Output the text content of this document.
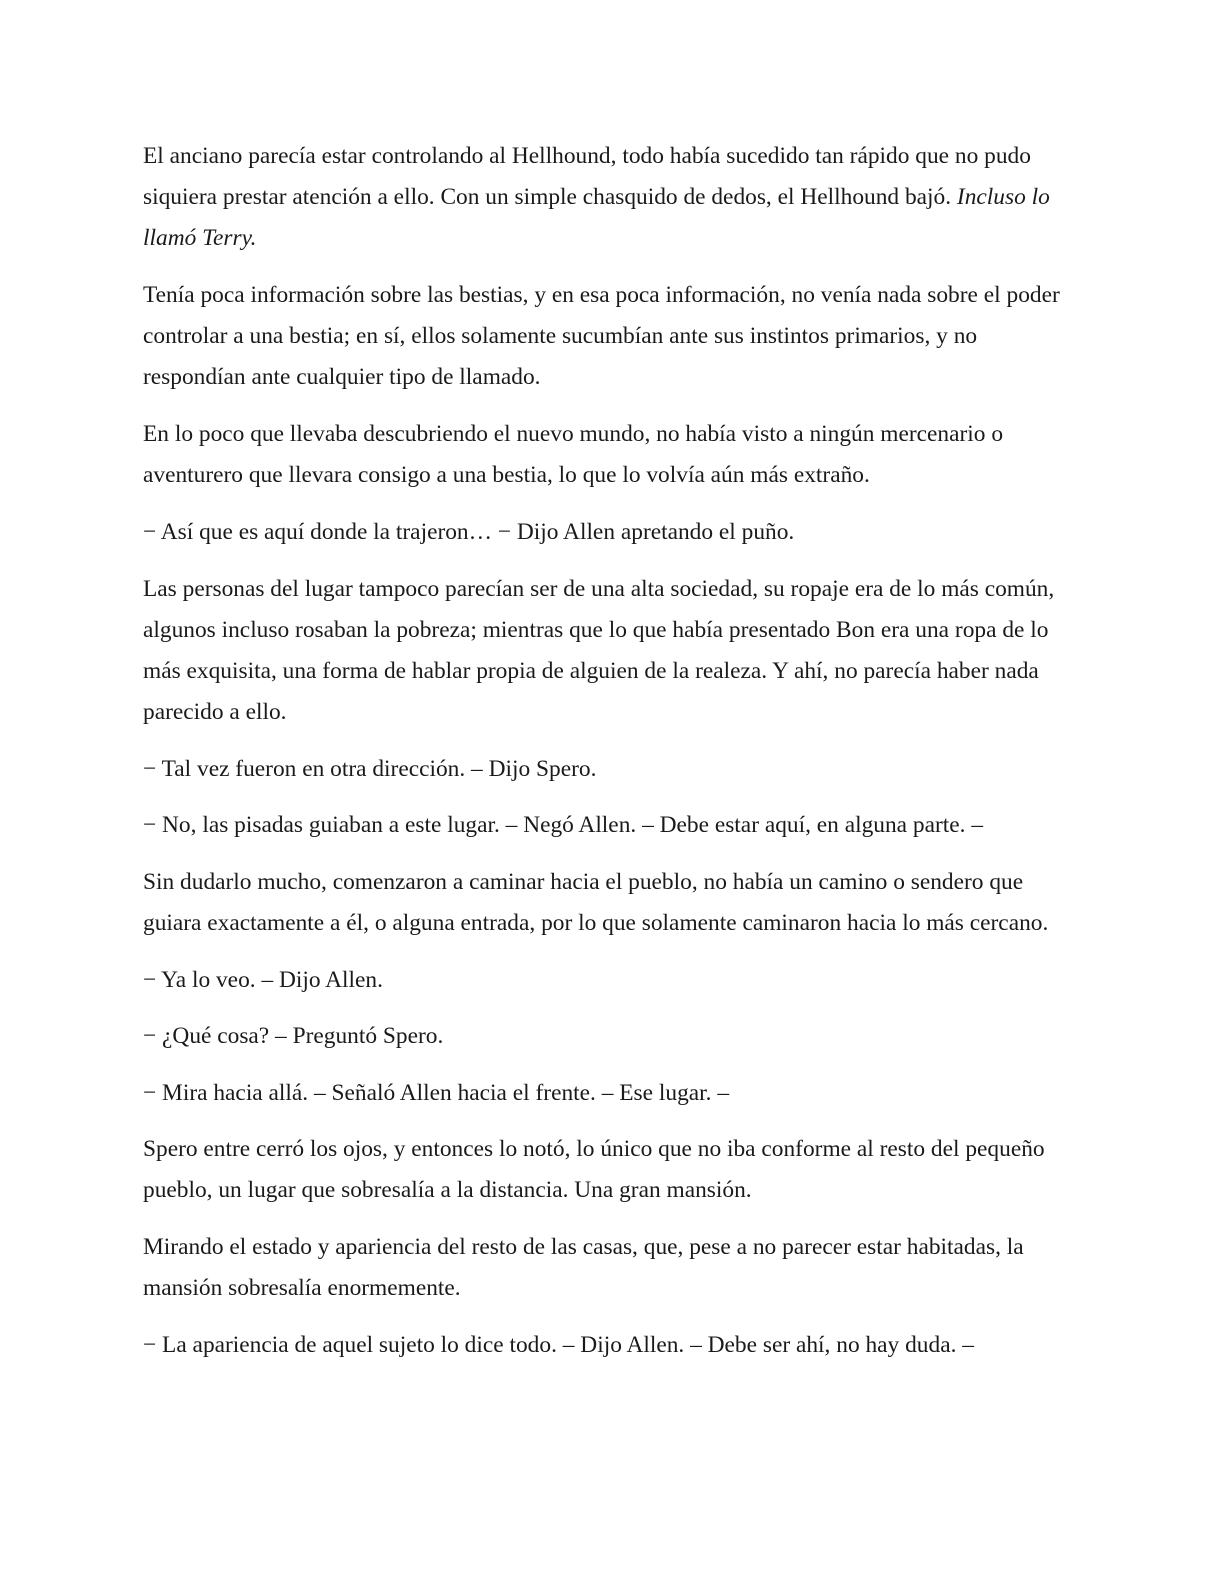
El anciano parecía estar controlando al Hellhound, todo había sucedido tan rápido que no pudo siquiera prestar atención a ello. Con un simple chasquido de dedos, el Hellhound bajó. Incluso lo llamó Terry.

Tenía poca información sobre las bestias, y en esa poca información, no venía nada sobre el poder controlar a una bestia; en sí, ellos solamente sucumbían ante sus instintos primarios, y no respondían ante cualquier tipo de llamado.

En lo poco que llevaba descubriendo el nuevo mundo, no había visto a ningún mercenario o aventurero que llevara consigo a una bestia, lo que lo volvía aún más extraño.

− Así que es aquí donde la trajeron… − Dijo Allen apretando el puño.

Las personas del lugar tampoco parecían ser de una alta sociedad, su ropaje era de lo más común, algunos incluso rosaban la pobreza; mientras que lo que había presentado Bon era una ropa de lo más exquisita, una forma de hablar propia de alguien de la realeza. Y ahí, no parecía haber nada parecido a ello.

− Tal vez fueron en otra dirección. – Dijo Spero.

− No, las pisadas guiaban a este lugar. – Negó Allen. – Debe estar aquí, en alguna parte. –

Sin dudarlo mucho, comenzaron a caminar hacia el pueblo, no había un camino o sendero que guiara exactamente a él, o alguna entrada, por lo que solamente caminaron hacia lo más cercano.

− Ya lo veo. – Dijo Allen.

− ¿Qué cosa? – Preguntó Spero.

− Mira hacia allá. – Señaló Allen hacia el frente. – Ese lugar. –

Spero entre cerró los ojos, y entonces lo notó, lo único que no iba conforme al resto del pequeño pueblo, un lugar que sobresalía a la distancia. Una gran mansión.

Mirando el estado y apariencia del resto de las casas, que, pese a no parecer estar habitadas, la mansión sobresalía enormemente.

− La apariencia de aquel sujeto lo dice todo. – Dijo Allen. – Debe ser ahí, no hay duda. –
